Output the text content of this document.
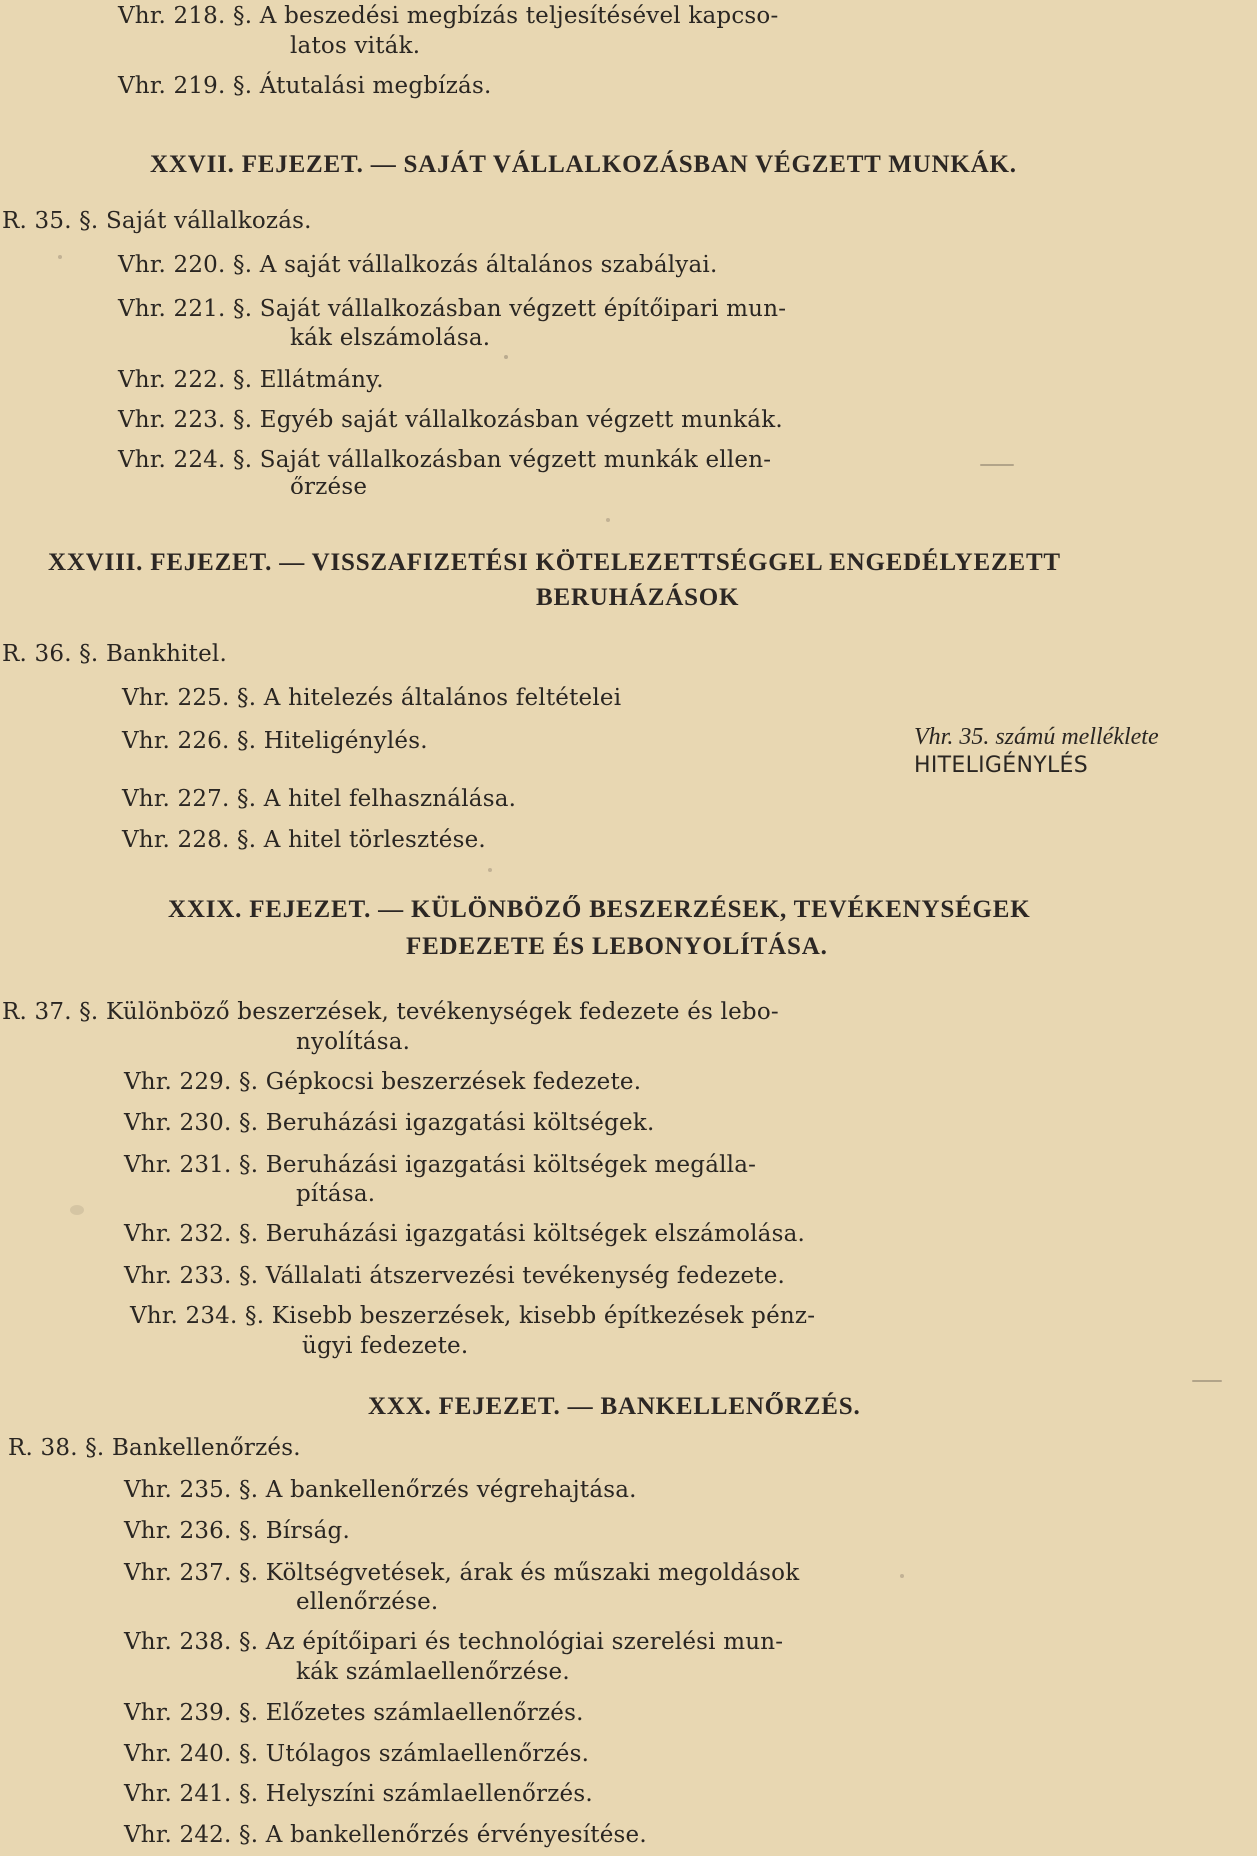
Vhr. 218. §. A beszedési megbízás teljesítésével kapcso-
latos viták.
Vhr. 219. §. Átutalási megbízás.
XXVII. FEJEZET. — SAJÁT VÁLLALKOZÁSBAN VÉGZETT MUNKÁK.
R. 35. §. Saját vállalkozás.
Vhr. 220. §. A saját vállalkozás általános szabályai.
Vhr. 221. §. Saját vállalkozásban végzett építőipari mun-
kák elszámolása.
Vhr. 222. §. Ellátmány.
Vhr. 223. §. Egyéb saját vállalkozásban végzett munkák.
Vhr. 224. §. Saját vállalkozásban végzett munkák ellen-
őrzése
XXVIII. FEJEZET. — VISSZAFIZETÉSI KÖTELEZETTSÉGGEL ENGEDÉLYEZETT
BERUHÁZÁSOK
R. 36. §. Bankhitel.
Vhr. 225. §. A hitelezés általános feltételei
Vhr. 226. §. Hiteligénylés.	Vhr. 35. számú melléklete
HITELIGÉNYLÉS
Vhr. 227. §. A hitel felhasználása.
Vhr. 228. §. A hitel törlesztése.
XXIX. FEJEZET. — KÜLÖNBÖZŐ BESZERZÉSEK, TEVÉKENYSÉGEK
FEDEZETE ÉS LEBONYOLÍTÁSA.
R. 37. §. Különböző beszerzések, tevékenységek fedezete és lebo-
nyolítása.
Vhr. 229. §. Gépkocsi beszerzések fedezete.
Vhr. 230. §. Beruházási igazgatási költségek.
Vhr. 231. §. Beruházási igazgatási költségek megálla-
pítása.
Vhr. 232. §. Beruházási igazgatási költségek elszámolása.
Vhr. 233. §. Vállalati átszervezési tevékenység fedezete.
Vhr. 234. §. Kisebb beszerzések, kisebb építkezések pénz-
ügyi fedezete.
XXX. FEJEZET. — BANKELLENŐRZÉS.
R. 38. §. Bankellenőrzés.
Vhr. 235. §. A bankellenőrzés végrehajtása.
Vhr. 236. §. Bírság.
Vhr. 237. §. Költségvetések, árak és műszaki megoldások
ellenőrzése.
Vhr. 238. §. Az építőipari és technológiai szerelési mun-
kák számlaellenőrzése.
Vhr. 239. §. Előzetes számlaellenőrzés.
Vhr. 240. §. Utólagos számlaellenőrzés.
Vhr. 241. §. Helyszíni számlaellenőrzés.
Vhr. 242. §. A bankellenőrzés érvényesítése.
